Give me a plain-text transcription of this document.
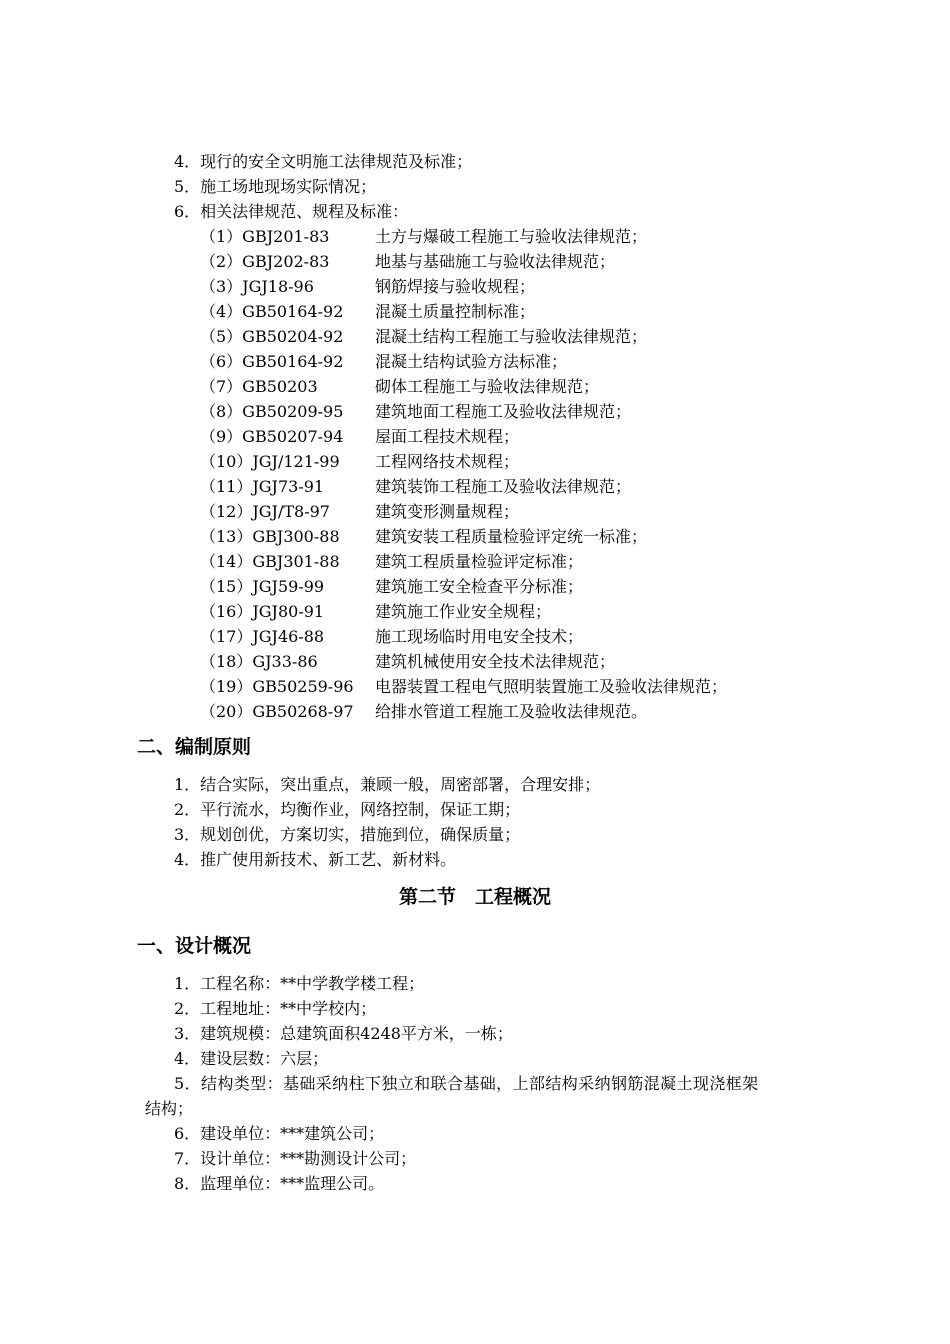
4．现行的安全文明施工法律规范及标准；
5．施工场地现场实际情况；
6．相关法律规范、规程及标准：
（1）GBJ201-83	土方与爆破工程施工与验收法律规范；
（2）GBJ202-83	地基与基础施工与验收法律规范；
（3）JGJ18-96	钢筋焊接与验收规程；
（4）GB50164-92 混凝土质量控制标准；
（5）GB50204-92 混凝土结构工程施工与验收法律规范；
（6）GB50164-92 混凝土结构试验方法标准；
（7）GB50203	砌体工程施工与验收法律规范；
（8）GB50209-95 建筑地面工程施工及验收法律规范；
（9）GB50207-94 屋面工程技术规程；
（10）JGJ/121-99 工程网络技术规程；
（11）JGJ73-91	建筑装饰工程施工及验收法律规范；
（12）JGJ/T8-97	建筑变形测量规程；
（13）GBJ300-88 建筑安装工程质量检验评定统一标准；
（14）GBJ301-88 建筑工程质量检验评定标准；
（15）JGJ59-99	建筑施工安全检查平分标准；
（16）JGJ80-91	建筑施工作业安全规程；
（17）JGJ46-88	施工现场临时用电安全技术；
（18）GJ33-86	建筑机械使用安全技术法律规范；
（19）GB50259-96 电器装置工程电气照明装置施工及验收法律规范；
（20）GB50268-97 给排水管道工程施工及验收法律规范。
二、编制原则
1．结合实际，突出重点，兼顾一般，周密部署，合理安排；
2．平行流水，均衡作业，网络控制，保证工期；
3．规划创优，方案切实，措施到位，确保质量；
4．推广使用新技术、新工艺、新材料。
第二节　工程概况
一、设计概况
1．工程名称：**中学教学楼工程；
2．工程地址：**中学校内；
3．建筑规模：总建筑面积4248平方米，一栋；
4．建设层数：六层；
5．结构类型：基础采纳柱下独立和联合基础，上部结构采纳钢筋混凝土现浇框架
结构；
6．建设单位：***建筑公司；
7．设计单位：***勘测设计公司；
8．监理单位：***监理公司。
